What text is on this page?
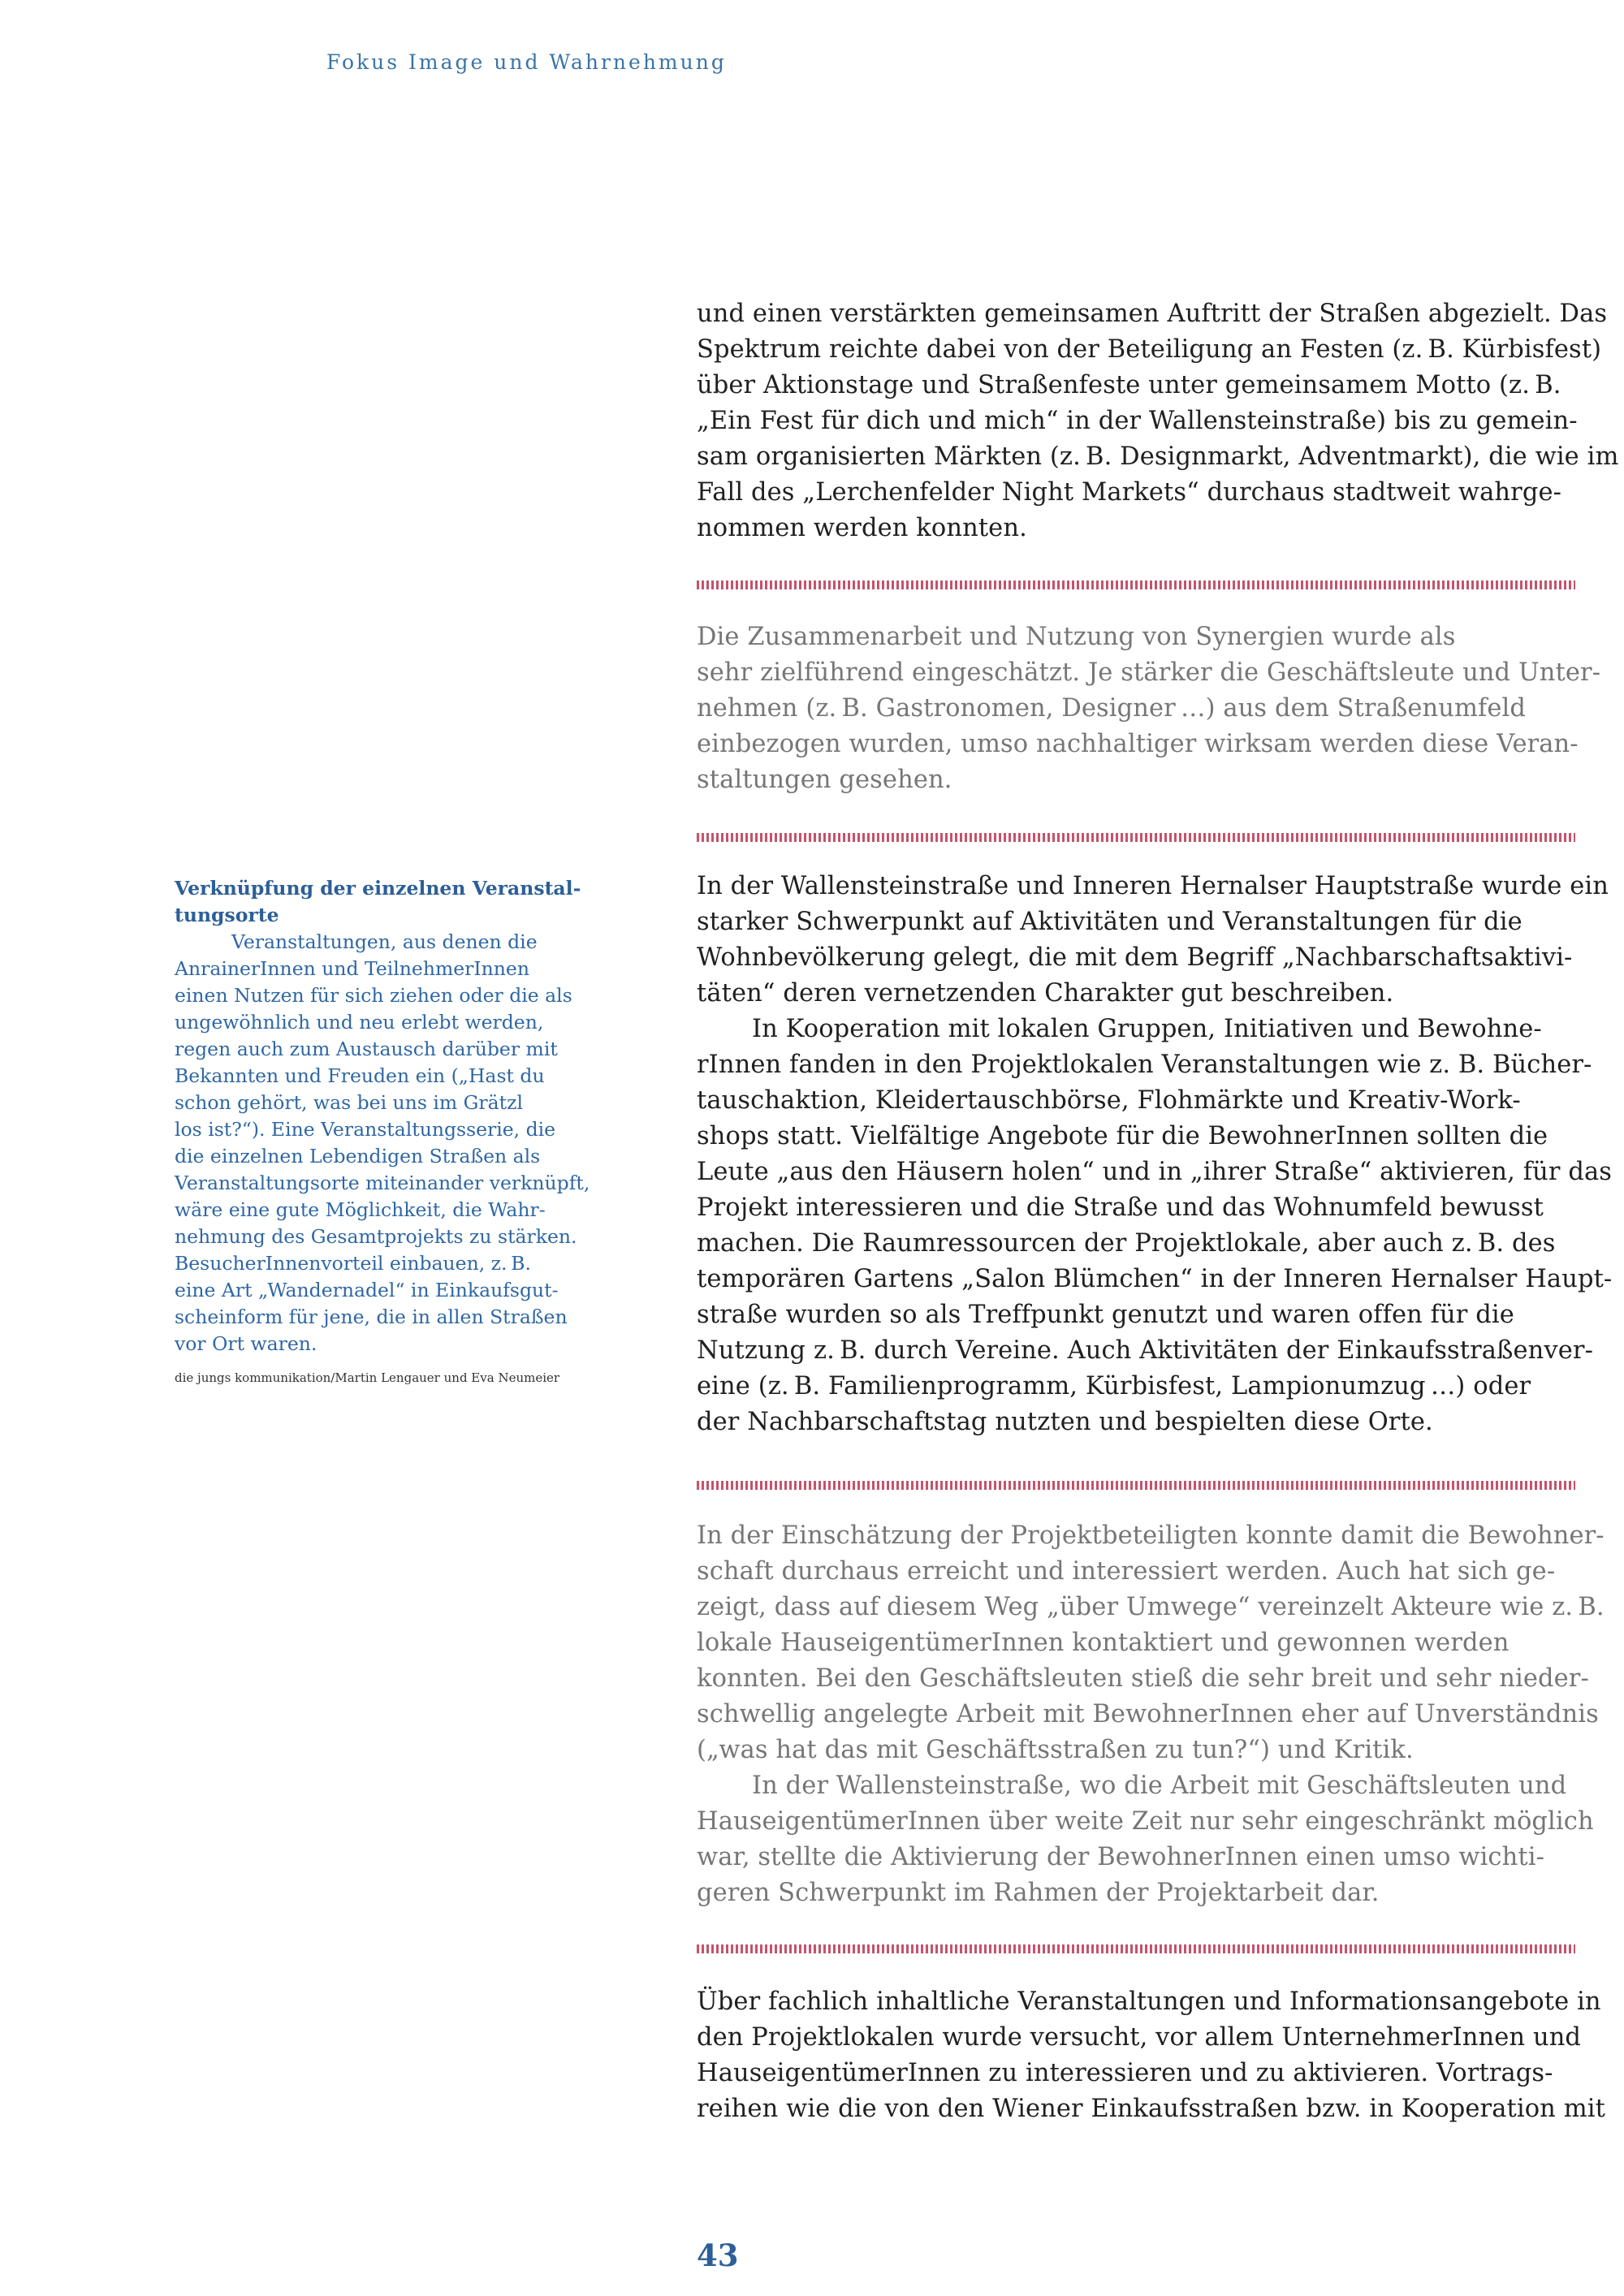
Fokus Image und Wahrnehmung

und einen verstärkten gemeinsamen Auftritt der Straßen abgezielt. Das

Spektrum reichte dabei von der Beteiligung an Festen (z. B. Kürbisfest)

über Aktionstage und Straßenfeste unter gemeinsamem Motto (z. B.

„Ein Fest für dich und mich“ in der Wallensteinstraße) bis zu gemein-

sam organisierten Märkten (z. B. Designmarkt, Adventmarkt), die wie im

Fall des „Lerchenfelder Night Markets“ durchaus stadtweit wahrge-

nommen werden konnten.

Die Zusammenarbeit und Nutzung von Synergien wurde als

sehr zielführend eingeschätzt. Je stärker die Geschäftsleute und Unter-

nehmen (z. B. Gastronomen, Designer …) aus dem Straßenumfeld

einbezogen wurden, umso nachhaltiger wirksam werden diese Veran-

staltungen gesehen.

Verknüpfung der einzelnen Veranstal-

tungsorte

Veranstaltungen, aus denen die

AnrainerInnen und TeilnehmerInnen

einen Nutzen für sich ziehen oder die als

ungewöhnlich und neu erlebt werden,

regen auch zum Austausch darüber mit

Bekannten und Freuden ein („Hast du

schon gehört, was bei uns im Grätzl

los ist?“). Eine Veranstaltungsserie, die

die einzelnen Lebendigen Straßen als

Veranstaltungsorte miteinander verknüpft,

wäre eine gute Möglichkeit, die Wahr-

nehmung des Gesamtprojekts zu stärken.

BesucherInnenvorteil einbauen, z. B.

eine Art „Wandernadel“ in Einkaufsgut-

scheinform für jene, die in allen Straßen

vor Ort waren.

die jungs kommunikation/Martin Lengauer und Eva Neumeier

In der Wallensteinstraße und Inneren Hernalser Hauptstraße wurde ein

starker Schwerpunkt auf Aktivitäten und Veranstaltungen für die

Wohnbevölkerung gelegt, die mit dem Begriff „Nachbarschaftsaktivi-

täten“ deren vernetzenden Charakter gut beschreiben.

In Kooperation mit lokalen Gruppen, Initiativen und Bewohne-

rInnen fanden in den Projektlokalen Veranstaltungen wie z. B. Bücher-

tauschaktion, Kleidertauschbörse, Flohmärkte und Kreativ-Work-

shops statt. Vielfältige Angebote für die BewohnerInnen sollten die

Leute „aus den Häusern holen“ und in „ihrer Straße“ aktivieren, für das

Projekt interessieren und die Straße und das Wohnumfeld bewusst

machen. Die Raumressourcen der Projektlokale, aber auch z. B. des

temporären Gartens „Salon Blümchen“ in der Inneren Hernalser Haupt-

straße wurden so als Treffpunkt genutzt und waren offen für die

Nutzung z. B. durch Vereine. Auch Aktivitäten der Einkaufsstraßenver-

eine (z. B. Familienprogramm, Kürbisfest, Lampionumzug …) oder

der Nachbarschaftstag nutzten und bespielten diese Orte.

In der Einschätzung der Projektbeteiligten konnte damit die Bewohner-

schaft durchaus erreicht und interessiert werden. Auch hat sich ge-

zeigt, dass auf diesem Weg „über Umwege“ vereinzelt Akteure wie z. B.

lokale HauseigentümerInnen kontaktiert und gewonnen werden

konnten. Bei den Geschäftsleuten stieß die sehr breit und sehr nieder-

schwellig angelegte Arbeit mit BewohnerInnen eher auf Unverständnis

(„was hat das mit Geschäftsstraßen zu tun?“) und Kritik.

In der Wallensteinstraße, wo die Arbeit mit Geschäftsleuten und

HauseigentümerInnen über weite Zeit nur sehr eingeschränkt möglich

war, stellte die Aktivierung der BewohnerInnen einen umso wichti-

geren Schwerpunkt im Rahmen der Projektarbeit dar.

Über fachlich inhaltliche Veranstaltungen und Informationsangebote in

den Projektlokalen wurde versucht, vor allem UnternehmerInnen und

HauseigentümerInnen zu interessieren und zu aktivieren. Vortrags-

reihen wie die von den Wiener Einkaufsstraßen bzw. in Kooperation mit

43
